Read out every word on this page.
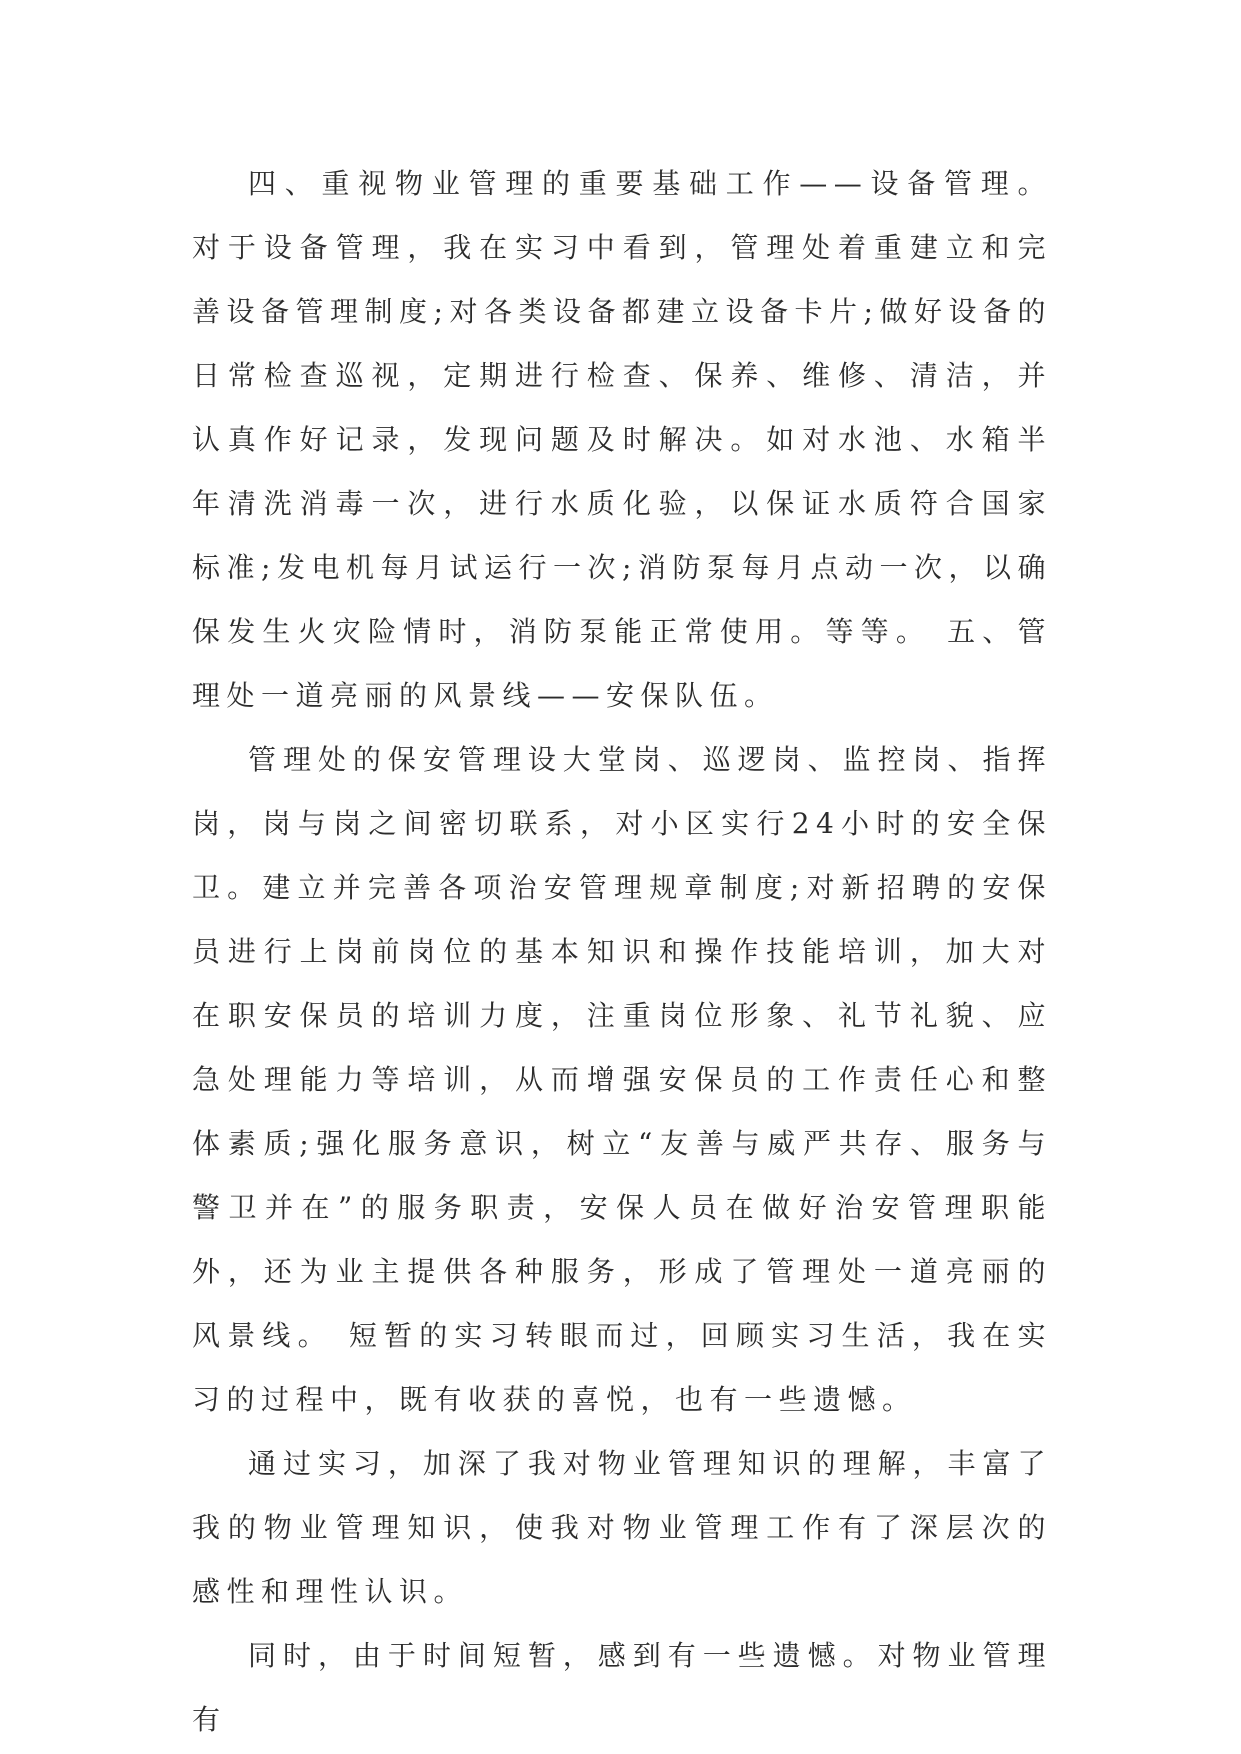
四、重视物业管理的重要基础工作——设备管理。 对于设备管理，我在实习中看到，管理处着重建立和完善设备管理制度;对各类设备都建立设备卡片;做好设备的日常检查巡视，定期进行检查、保养、维修、清洁，并认真作好记录，发现问题及时解决。如对水池、水箱半年清洗消毒一次，进行水质化验，以保证水质符合国家标准;发电机每月试运行一次;消防泵每月点动一次，以确保发生火灾险情时，消防泵能正常使用。等等。 五、管理处一道亮丽的风景线——安保队伍。

管理处的保安管理设大堂岗、巡逻岗、监控岗、指挥岗，岗与岗之间密切联系，对小区实行24小时的安全保卫。建立并完善各项治安管理规章制度;对新招聘的安保员进行上岗前岗位的基本知识和操作技能培训，加大对在职安保员的培训力度，注重岗位形象、礼节礼貌、应急处理能力等培训，从而增强安保员的工作责任心和整体素质;强化服务意识，树立“友善与威严共存、服务与警卫并在”的服务职责，安保人员在做好治安管理职能外，还为业主提供各种服务，形成了管理处一道亮丽的风景线。 短暂的实习转眼而过，回顾实习生活，我在实习的过程中，既有收获的喜悦，也有一些遗憾。

通过实习，加深了我对物业管理知识的理解，丰富了我的物业管理知识，使我对物业管理工作有了深层次的感性和理性认识。

同时，由于时间短暂，感到有一些遗憾。对物业管理有
